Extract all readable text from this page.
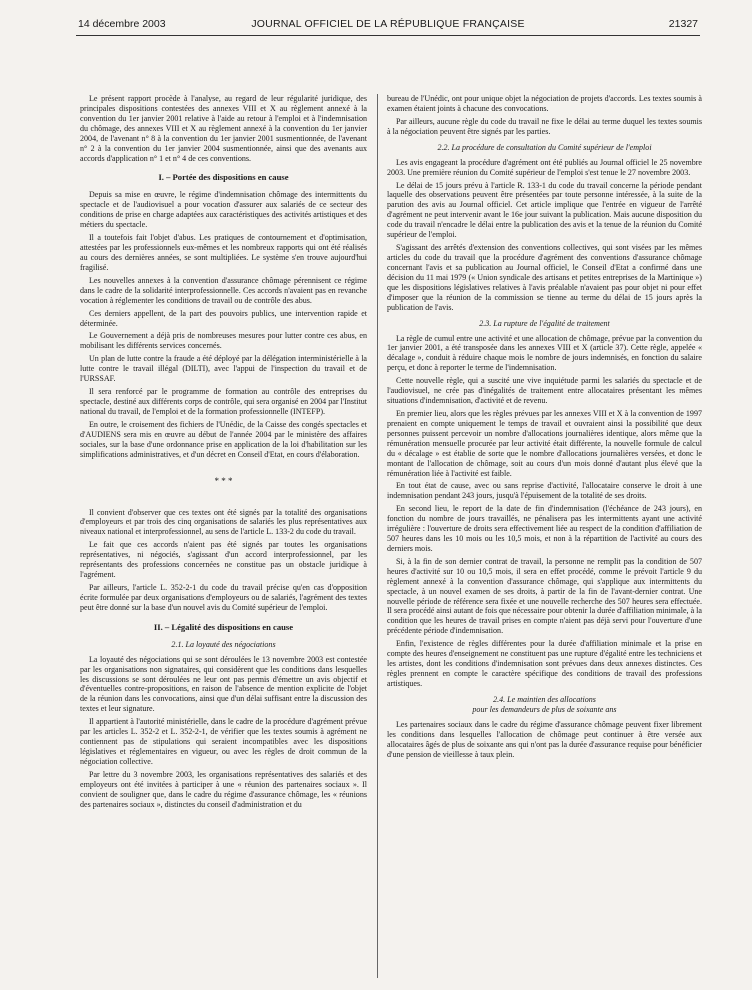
14 décembre 2003	JOURNAL OFFICIEL DE LA RÉPUBLIQUE FRANÇAISE	21327

Le présent rapport procède à l'analyse, au regard de leur régularité juridique, des principales dispositions contestées des annexes VIII et X au règlement annexé à la convention du 1er janvier 2001 relative à l'aide au retour à l'emploi et à l'indemnisation du chômage, des annexes VIII et X au règlement annexé à la convention du 1er janvier 2004, de l'avenant n° 8 à la convention du 1er janvier 2001 susmentionnée, de l'avenant n° 2 à la convention du 1er janvier 2004 susmentionnée, ainsi que des avenants aux accords d'application n° 1 et n° 4 de ces conventions.

I. – Portée des dispositions en cause

Depuis sa mise en œuvre, le régime d'indemnisation chômage des intermittents du spectacle et de l'audiovisuel a pour vocation d'assurer aux salariés de ce secteur des conditions de prise en charge adaptées aux caractéristiques des activités artistiques et des métiers du spectacle.

Il a toutefois fait l'objet d'abus. Les pratiques de contournement et d'optimisation, attestées par les professionnels eux-mêmes et les nombreux rapports qui ont été réalisés au cours des dernières années, se sont multipliées. Le système s'en trouve aujourd'hui fragilisé.

Les nouvelles annexes à la convention d'assurance chômage pérennisent ce régime dans le cadre de la solidarité interprofessionnelle. Ces accords n'avaient pas en revanche vocation à réglementer les conditions de travail ou de contrôle des abus.

Ces derniers appellent, de la part des pouvoirs publics, une intervention rapide et déterminée.

Le Gouvernement a déjà pris de nombreuses mesures pour lutter contre ces abus, en mobilisant les différents services concernés.

Un plan de lutte contre la fraude a été déployé par la délégation interministérielle à la lutte contre le travail illégal (DILTI), avec l'appui de l'inspection du travail et de l'URSSAF.

Il sera renforcé par le programme de formation au contrôle des entreprises du spectacle, destiné aux différents corps de contrôle, qui sera organisé en 2004 par l'Institut national du travail, de l'emploi et de la formation professionnelle (INTEFP).

En outre, le croisement des fichiers de l'Unédic, de la Caisse des congés spectacles et d'AUDIENS sera mis en œuvre au début de l'année 2004 par le ministère des affaires sociales, sur la base d'une ordonnance prise en application de la loi d'habilitation sur les simplifications administratives, et d'un décret en Conseil d'Etat, en cours d'élaboration.

* * *

Il convient d'observer que ces textes ont été signés par la totalité des organisations d'employeurs et par trois des cinq organisations de salariés les plus représentatives aux niveaux national et interprofessionnel, au sens de l'article L. 133-2 du code du travail.

Le fait que ces accords n'aient pas été signés par toutes les organisations représentatives, ni négociés, s'agissant d'un accord interprofessionnel, par les représentants des professions concernées ne constitue pas un obstacle juridique à l'agrément.

Par ailleurs, l'article L. 352-2-1 du code du travail précise qu'en cas d'opposition écrite formulée par deux organisations d'employeurs ou de salariés, l'agrément des textes peut être donné sur la base d'un nouvel avis du Comité supérieur de l'emploi.

II. – Légalité des dispositions en cause
2.1. La loyauté des négociations

La loyauté des négociations qui se sont déroulées le 13 novembre 2003 est contestée par les organisations non signataires, qui considèrent que les conditions dans lesquelles les discussions se sont déroulées ne leur ont pas permis d'émettre un avis objectif et d'éventuelles contre-propositions, en raison de l'absence de mention explicite de l'objet de la réunion dans les convocations, ainsi que d'un délai suffisant entre la discussion des textes et leur signature.

Il appartient à l'autorité ministérielle, dans le cadre de la procédure d'agrément prévue par les articles L. 352-2 et L. 352-2-1, de vérifier que les textes soumis à agrément ne contiennent pas de stipulations qui seraient incompatibles avec les dispositions législatives et réglementaires en vigueur, ou avec les règles de droit commun de la négociation collective.

Par lettre du 3 novembre 2003, les organisations représentatives des salariés et des employeurs ont été invitées à participer à une « réunion des partenaires sociaux ». Il convient de souligner que, dans le cadre du régime d'assurance chômage, les « réunions des partenaires sociaux », distinctes du conseil d'administration et du

bureau de l'Unédic, ont pour unique objet la négociation de projets d'accords. Les textes soumis à examen étaient joints à chacune des convocations.

Par ailleurs, aucune règle du code du travail ne fixe le délai au terme duquel les textes soumis à la négociation peuvent être signés par les parties.

2.2. La procédure de consultation du Comité supérieur de l'emploi

Les avis engageant la procédure d'agrément ont été publiés au Journal officiel le 25 novembre 2003. Une première réunion du Comité supérieur de l'emploi s'est tenue le 27 novembre 2003.

Le délai de 15 jours prévu à l'article R. 133-1 du code du travail concerne la période pendant laquelle des observations peuvent être présentées par toute personne intéressée, à la suite de la parution des avis au Journal officiel. Cet article implique que l'entrée en vigueur de l'arrêté d'agrément ne peut intervenir avant le 16e jour suivant la publication. Mais aucune disposition du code du travail n'encadre le délai entre la publication des avis et la tenue de la réunion du Comité supérieur de l'emploi.

S'agissant des arrêtés d'extension des conventions collectives, qui sont visées par les mêmes articles du code du travail que la procédure d'agrément des conventions d'assurance chômage concernant l'avis et sa publication au Journal officiel, le Conseil d'Etat a confirmé dans une décision du 11 mai 1979 (« Union syndicale des artisans et petites entreprises de la Martinique ») que les dispositions législatives relatives à l'avis préalable n'avaient pas pour objet ni pour effet d'imposer que la réunion de la commission se tienne au terme du délai de 15 jours après la publication de l'avis.

2.3. La rupture de l'égalité de traitement

La règle de cumul entre une activité et une allocation de chômage, prévue par la convention du 1er janvier 2001, a été transposée dans les annexes VIII et X (article 37). Cette règle, appelée « décalage », conduit à réduire chaque mois le nombre de jours indemnisés, en fonction du salaire perçu, et donc à reporter le terme de l'indemnisation.

Cette nouvelle règle, qui a suscité une vive inquiétude parmi les salariés du spectacle et de l'audiovisuel, ne crée pas d'inégalités de traitement entre allocataires présentant les mêmes situations d'indemnisation, d'activité et de revenu.

En premier lieu, alors que les règles prévues par les annexes VIII et X à la convention de 1997 prenaient en compte uniquement le temps de travail et ouvraient ainsi la possibilité que deux personnes puissent percevoir un nombre d'allocations journalières identique, alors même que la rémunération mensuelle procurée par leur activité était différente, la nouvelle formule de calcul du « décalage » est établie de sorte que le nombre d'allocations journalières versées, et donc le montant de l'allocation de chômage, soit au cours d'un mois donné d'autant plus élevé que la rémunération liée à l'activité est faible.

En tout état de cause, avec ou sans reprise d'activité, l'allocataire conserve le droit à une indemnisation pendant 243 jours, jusqu'à l'épuisement de la totalité de ses droits.

En second lieu, le report de la date de fin d'indemnisation (l'échéance de 243 jours), en fonction du nombre de jours travaillés, ne pénalisera pas les intermittents ayant une activité irrégulière : l'ouverture de droits sera effectivement liée au respect de la condition d'affiliation de 507 heures dans les 10 mois ou les 10,5 mois, et non à la répartition de l'activité au cours des derniers mois.

Si, à la fin de son dernier contrat de travail, la personne ne remplit pas la condition de 507 heures d'activité sur 10 ou 10,5 mois, il sera en effet procédé, comme le prévoit l'article 9 du règlement annexé à la convention d'assurance chômage, qui s'applique aux intermittents du spectacle, à un nouvel examen de ses droits, à partir de la fin de l'avant-dernier contrat. Une nouvelle période de référence sera fixée et une nouvelle recherche des 507 heures sera effectuée. Il sera procédé ainsi autant de fois que nécessaire pour obtenir la durée d'affiliation minimale, à la condition que les heures de travail prises en compte n'aient pas déjà servi pour l'ouverture d'une précédente période d'indemnisation.

Enfin, l'existence de règles différentes pour la durée d'affiliation minimale et la prise en compte des heures d'enseignement ne constituent pas une rupture d'égalité entre les techniciens et les artistes, dont les conditions d'indemnisation sont prévues dans deux annexes distinctes. Ces règles prennent en compte le caractère spécifique des conditions de travail des professions artistiques.

2.4. Le maintien des allocations
pour les demandeurs de plus de soixante ans

Les partenaires sociaux dans le cadre du régime d'assurance chômage peuvent fixer librement les conditions dans lesquelles l'allocation de chômage peut continuer à être versée aux allocataires âgés de plus de soixante ans qui n'ont pas la durée d'assurance requise pour bénéficier d'une pension de vieillesse à taux plein.
